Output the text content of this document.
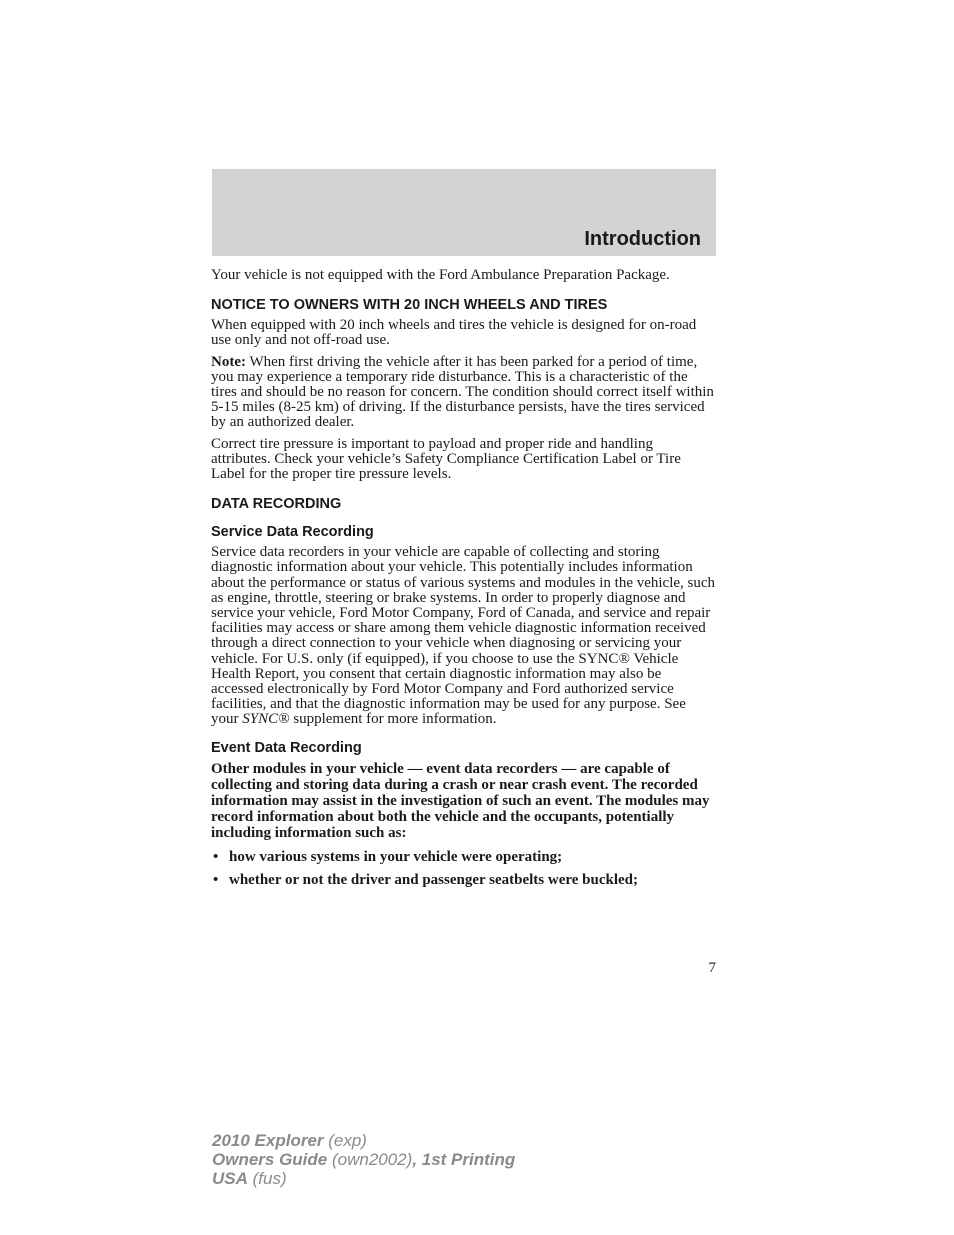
Introduction

Your vehicle is not equipped with the Ford Ambulance Preparation Package.

NOTICE TO OWNERS WITH 20 INCH WHEELS AND TIRES

When equipped with 20 inch wheels and tires the vehicle is designed for on-road use only and not off-road use.

Note: When first driving the vehicle after it has been parked for a period of time, you may experience a temporary ride disturbance. This is a characteristic of the tires and should be no reason for concern. The condition should correct itself within 5-15 miles (8-25 km) of driving. If the disturbance persists, have the tires serviced by an authorized dealer.

Correct tire pressure is important to payload and proper ride and handling attributes. Check your vehicle’s Safety Compliance Certification Label or Tire Label for the proper tire pressure levels.

DATA RECORDING
Service Data Recording

Service data recorders in your vehicle are capable of collecting and storing diagnostic information about your vehicle. This potentially includes information about the performance or status of various systems and modules in the vehicle, such as engine, throttle, steering or brake systems. In order to properly diagnose and service your vehicle, Ford Motor Company, Ford of Canada, and service and repair facilities may access or share among them vehicle diagnostic information received through a direct connection to your vehicle when diagnosing or servicing your vehicle. For U.S. only (if equipped), if you choose to use the SYNC® Vehicle Health Report, you consent that certain diagnostic information may also be accessed electronically by Ford Motor Company and Ford authorized service facilities, and that the diagnostic information may be used for any purpose. See your SYNC® supplement for more information.

Event Data Recording

Other modules in your vehicle — event data recorders — are capable of collecting and storing data during a crash or near crash event. The recorded information may assist in the investigation of such an event. The modules may record information about both the vehicle and the occupants, potentially including information such as:

• how various systems in your vehicle were operating;
• whether or not the driver and passenger seatbelts were buckled;
7
2010 Explorer (exp)
Owners Guide (own2002), 1st Printing
USA (fus)
